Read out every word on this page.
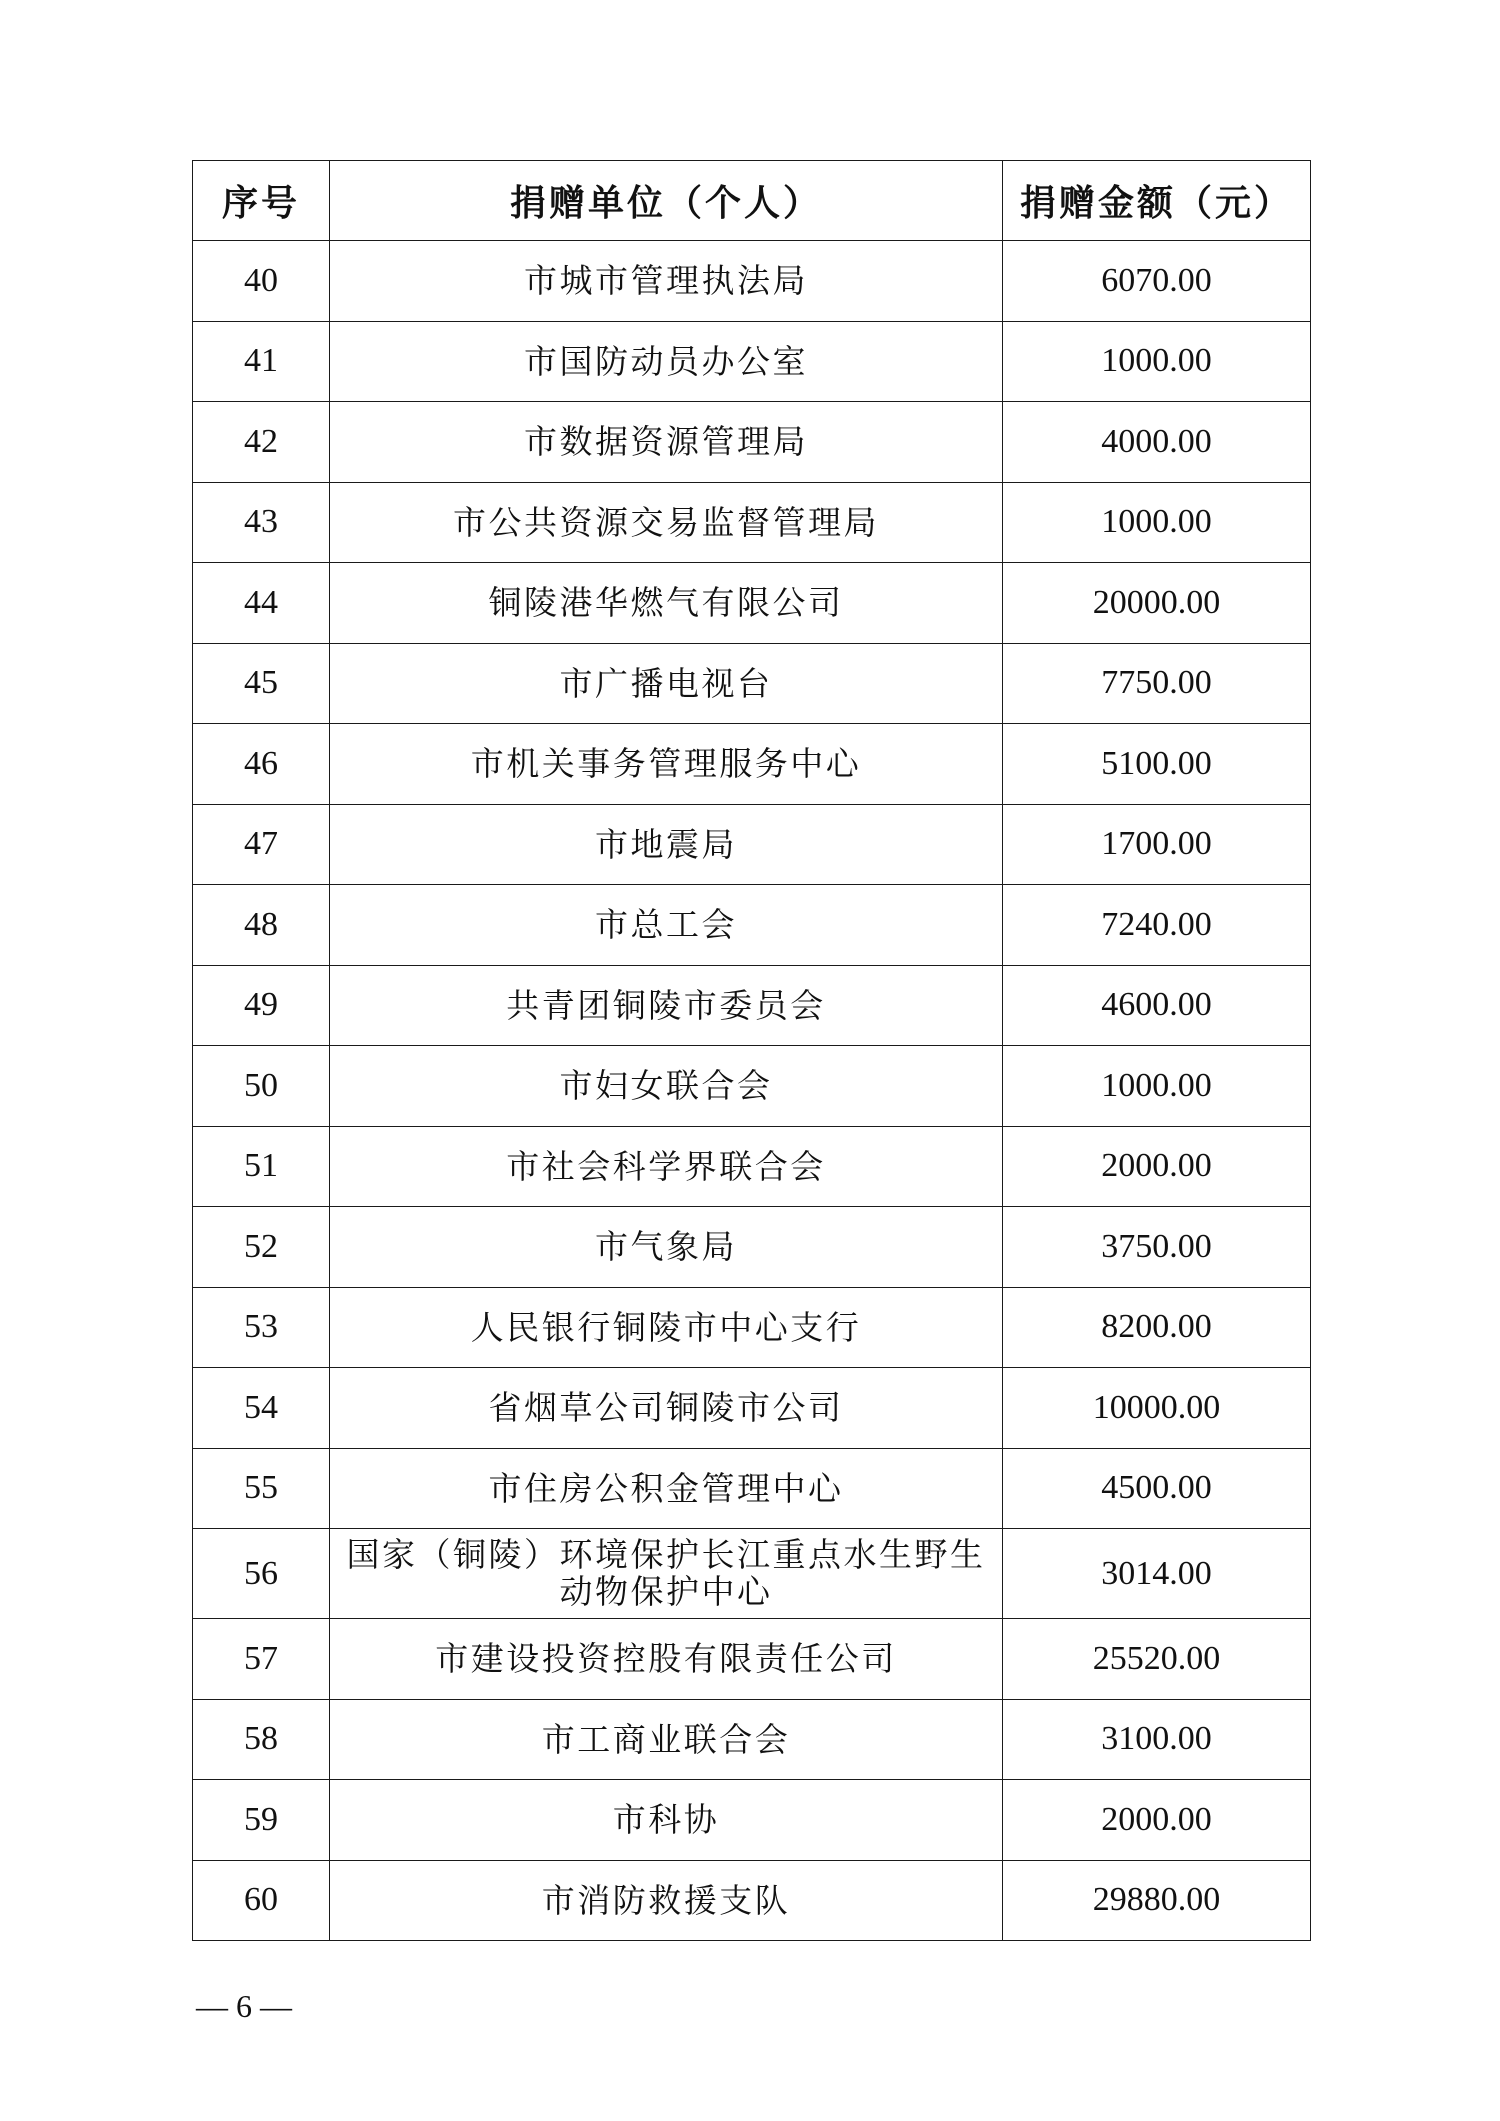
序号	捐赠单位（个人）	捐赠金额（元）
40	市城市管理执法局	6070.00
41	市国防动员办公室	1000.00
42	市数据资源管理局	4000.00
43	市公共资源交易监督管理局	1000.00
44	铜陵港华燃气有限公司	20000.00
45	市广播电视台	7750.00
46	市机关事务管理服务中心	5100.00
47	市地震局	1700.00
48	市总工会	7240.00
49	共青团铜陵市委员会	4600.00
50	市妇女联合会	1000.00
51	市社会科学界联合会	2000.00
52	市气象局	3750.00
53	人民银行铜陵市中心支行	8200.00
54	省烟草公司铜陵市公司	10000.00
55	市住房公积金管理中心	4500.00
56	国家（铜陵）环境保护长江重点水生野生动物保护中心	3014.00
57	市建设投资控股有限责任公司	25520.00
58	市工商业联合会	3100.00
59	市科协	2000.00
60	市消防救援支队	29880.00
— 6 —
